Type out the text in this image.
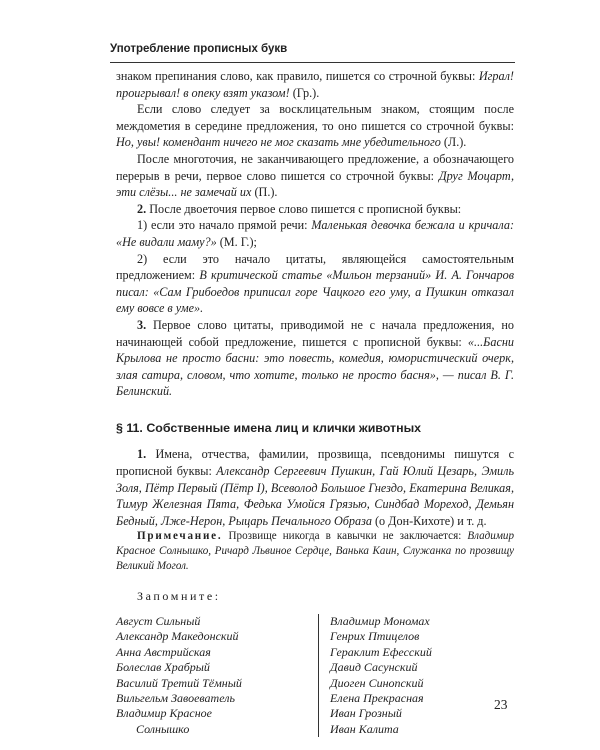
Употребление прописных букв

знаком препинания слово, как правило, пишется со строчной буквы: Играл! проигрывал! в опеку взят указом! (Гр.).

Если слово следует за восклицательным знаком, стоящим после междометия в середине предложения, то оно пишется со строчной буквы: Но, увы! комендант ничего не мог сказать мне убедительного (Л.).

После многоточия, не заканчивающего предложение, а обозначающего перерыв в речи, первое слово пишется со строчной буквы: Друг Моцарт, эти слёзы... не замечай их (П.).

2. После двоеточия первое слово пишется с прописной буквы:

1) если это начало прямой речи: Маленькая девочка бежала и кричала: «Не видали маму?» (М. Г.);

2) если это начало цитаты, являющейся самостоятельным предложением: В критической статье «Мильон терзаний» И. А. Гончаров писал: «Сам Грибоедов приписал горе Чацкого его уму, а Пушкин отказал ему вовсе в уме».

3. Первое слово цитаты, приводимой не с начала предложения, но начинающей собой предложение, пишется с прописной буквы: «...Басни Крылова не просто басни: это повесть, комедия, юмористический очерк, злая сатира, словом, что хотите, только не просто басня», — писал В. Г. Белинский.

§ 11. Собственные имена лиц и клички животных

1. Имена, отчества, фамилии, прозвища, псевдонимы пишутся с прописной буквы: Александр Сергеевич Пушкин, Гай Юлий Цезарь, Эмиль Золя, Пётр Первый (Пётр I), Всеволод Большое Гнездо, Екатерина Великая, Тимур Железная Пята, Федька Умойся Грязью, Синдбад Мореход, Демьян Бедный, Лже-Нерон, Рыцарь Печального Образа (о Дон-Кихоте) и т. д.

Примечание. Прозвище никогда в кавычки не заключается: Владимир Красное Солнышко, Ричард Львиное Сердце, Ванька Каин, Служанка по прозвищу Великий Могол.

Запомните:
Август Сильный
Александр Македонский
Анна Австрийская
Болеслав Храбрый
Василий Третий Тёмный
Вильгельм Завоеватель
Владимир Красное
Солнышко
Владимир Мономах
Генрих Птицелов
Гераклит Ефесский
Давид Сасунский
Диоген Синопский
Елена Прекрасная
Иван Грозный
Иван Калита
23
